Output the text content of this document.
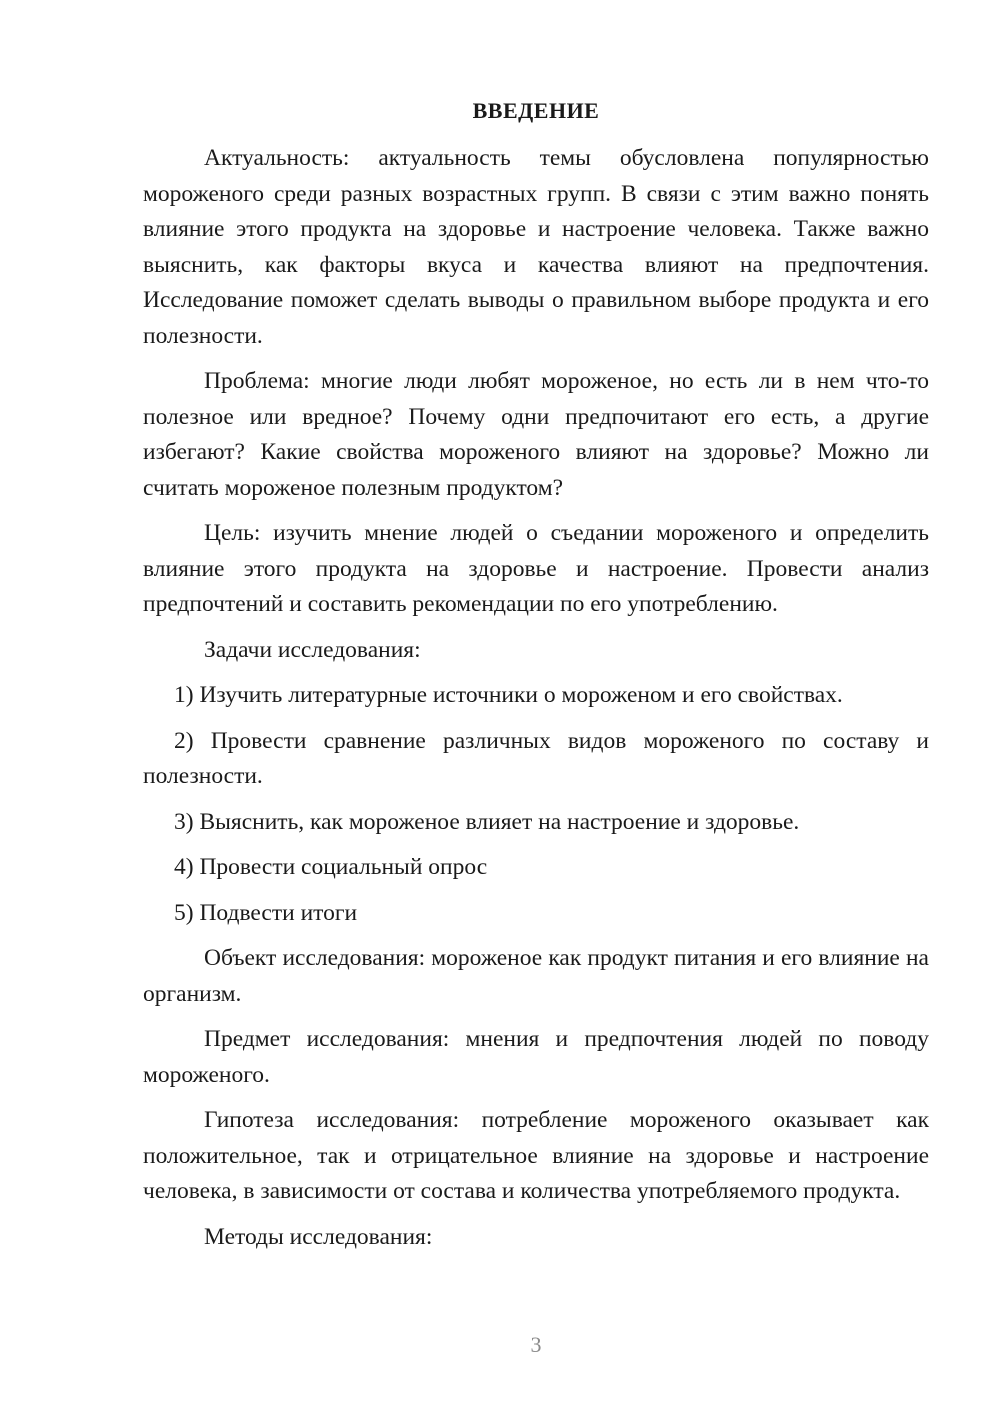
ВВЕДЕНИЕ

Актуальность: актуальность темы обусловлена популярностью мороженого среди разных возрастных групп. В связи с этим важно понять влияние этого продукта на здоровье и настроение человека. Также важно выяснить, как факторы вкуса и качества влияют на предпочтения. Исследование поможет сделать выводы о правильном выборе продукта и его полезности.

Проблема: многие люди любят мороженое, но есть ли в нем что-то полезное или вредное? Почему одни предпочитают его есть, а другие избегают? Какие свойства мороженого влияют на здоровье? Можно ли считать мороженое полезным продуктом?

Цель: изучить мнение людей о съедании мороженого и определить влияние этого продукта на здоровье и настроение. Провести анализ предпочтений и составить рекомендации по его употреблению.

Задачи исследования:

1) Изучить литературные источники о мороженом и его свойствах.

2) Провести сравнение различных видов мороженого по составу и полезности.

3) Выяснить, как мороженое влияет на настроение и здоровье.

4) Провести социальный опрос

5) Подвести итоги

Объект исследования: мороженое как продукт питания и его влияние на организм.

Предмет исследования: мнения и предпочтения людей по поводу мороженого.

Гипотеза исследования: потребление мороженого оказывает как положительное, так и отрицательное влияние на здоровье и настроение человека, в зависимости от состава и количества употребляемого продукта.

Методы исследования:

3
